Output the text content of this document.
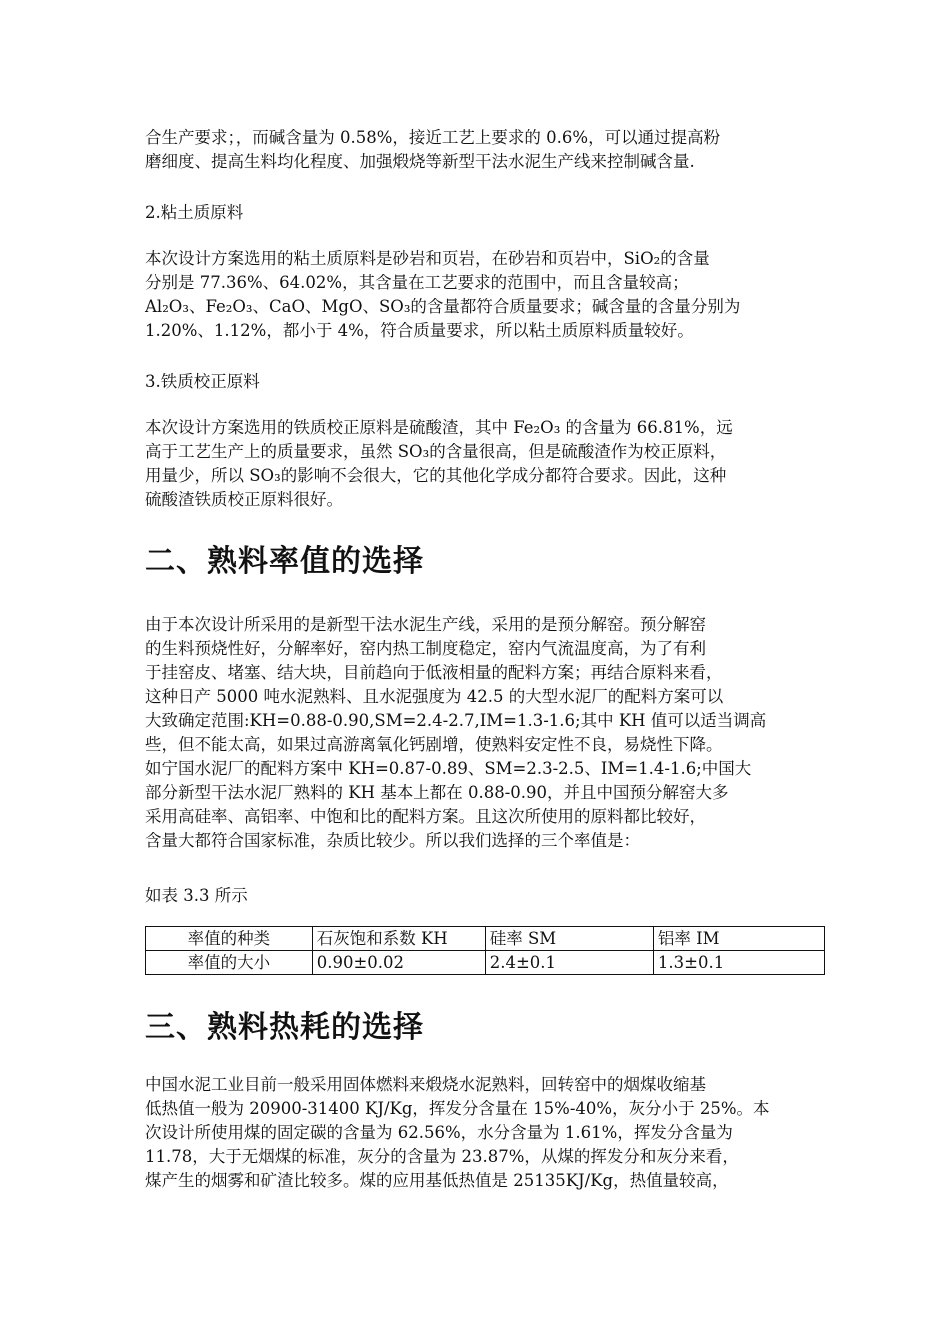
合生产要求；，而碱含量为 0.58%，接近工艺上要求的 0.6%，可以通过提高粉
磨细度、提高生料均化程度、加强煅烧等新型干法水泥生产线来控制碱含量.

2.粘土质原料

本次设计方案选用的粘土质原料是砂岩和页岩，在砂岩和页岩中，SiO₂的含量
分别是 77.36%、64.02%，其含量在工艺要求的范围中，而且含量较高；
Al₂O₃、Fe₂O₃、CaO、MgO、SO₃的含量都符合质量要求；碱含量的含量分别为
1.20%、1.12%，都小于 4%，符合质量要求，所以粘土质原料质量较好。

3.铁质校正原料

本次设计方案选用的铁质校正原料是硫酸渣，其中 Fe₂O₃ 的含量为 66.81%，远
高于工艺生产上的质量要求，虽然 SO₃的含量很高，但是硫酸渣作为校正原料，
用量少，所以 SO₃的影响不会很大，它的其他化学成分都符合要求。因此，这种
硫酸渣铁质校正原料很好。
二、熟料率值的选择
由于本次设计所采用的是新型干法水泥生产线，采用的是预分解窑。预分解窑
的生料预烧性好，分解率好，窑内热工制度稳定，窑内气流温度高，为了有利
于挂窑皮、堵塞、结大块，目前趋向于低液相量的配料方案；再结合原料来看，
这种日产 5000 吨水泥熟料、且水泥强度为 42.5 的大型水泥厂的配料方案可以
大致确定范围:KH=0.88-0.90,SM=2.4-2.7,IM=1.3-1.6;其中 KH 值可以适当调高
些，但不能太高，如果过高游离氧化钙剧增，使熟料安定性不良，易烧性下降。
如宁国水泥厂的配料方案中 KH=0.87-0.89、SM=2.3-2.5、IM=1.4-1.6;中国大
部分新型干法水泥厂熟料的 KH 基本上都在 0.88-0.90，并且中国预分解窑大多
采用高硅率、高铝率、中饱和比的配料方案。且这次所使用的原料都比较好，
含量大都符合国家标准，杂质比较少。所以我们选择的三个率值是：

如表 3.3 所示

率值的种类	石灰饱和系数 KH	硅率 SM	铝率 IM
率值的大小	0.90±0.02	2.4±0.1	1.3±0.1
三、熟料热耗的选择
中国水泥工业目前一般采用固体燃料来煅烧水泥熟料，回转窑中的烟煤收缩基
低热值一般为 20900-31400 KJ/Kg，挥发分含量在 15%-40%，灰分小于 25%。本
次设计所使用煤的固定碳的含量为 62.56%，水分含量为 1.61%，挥发分含量为
11.78，大于无烟煤的标准，灰分的含量为 23.87%，从煤的挥发分和灰分来看，
煤产生的烟雾和矿渣比较多。煤的应用基低热值是 25135KJ/Kg，热值量较高，
